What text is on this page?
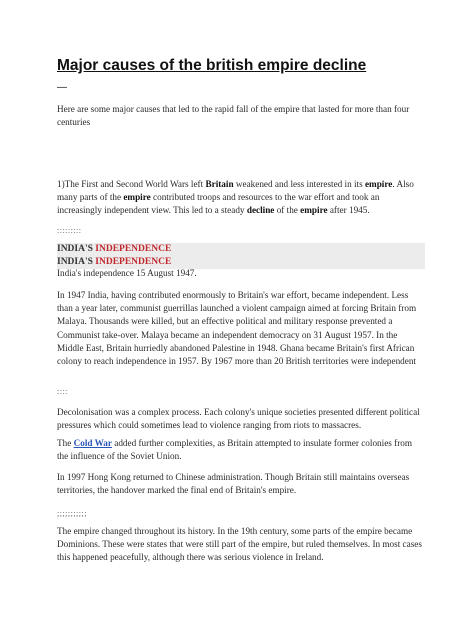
Major causes of the british empire decline
—

Here are some major causes that led to the rapid fall of the empire that lasted for more than four centuries

1)The First and Second World Wars left Britain weakened and less interested in its empire. Also many parts of the empire contributed troops and resources to the war effort and took an increasingly independent view. This led to a steady decline of the empire after 1945.

:::::::::
INDIA'S INDEPENDENCE
INDIA'S INDEPENDENCE

India's independence 15 August 1947.

In 1947 India, having contributed enormously to Britain's war effort, became independent. Less than a year later, communist guerrillas launched a violent campaign aimed at forcing Britain from Malaya. Thousands were killed, but an effective political and military response prevented a Communist take-over. Malaya became an independent democracy on 31 August 1957. In the Middle East, Britain hurriedly abandoned Palestine in 1948. Ghana became Britain's first African colony to reach independence in 1957. By 1967 more than 20 British territories were independent

::::

Decolonisation was a complex process. Each colony's unique societies presented different political pressures which could sometimes lead to violence ranging from riots to massacres.

The Cold War added further complexities, as Britain attempted to insulate former colonies from the influence of the Soviet Union.

In 1997 Hong Kong returned to Chinese administration. Though Britain still maintains overseas territories, the handover marked the final end of Britain's empire.

;;;;;;;;;;;

The empire changed throughout its history. In the 19th century, some parts of the empire became Dominions. These were states that were still part of the empire, but ruled themselves. In most cases this happened peacefully, although there was serious violence in Ireland.
